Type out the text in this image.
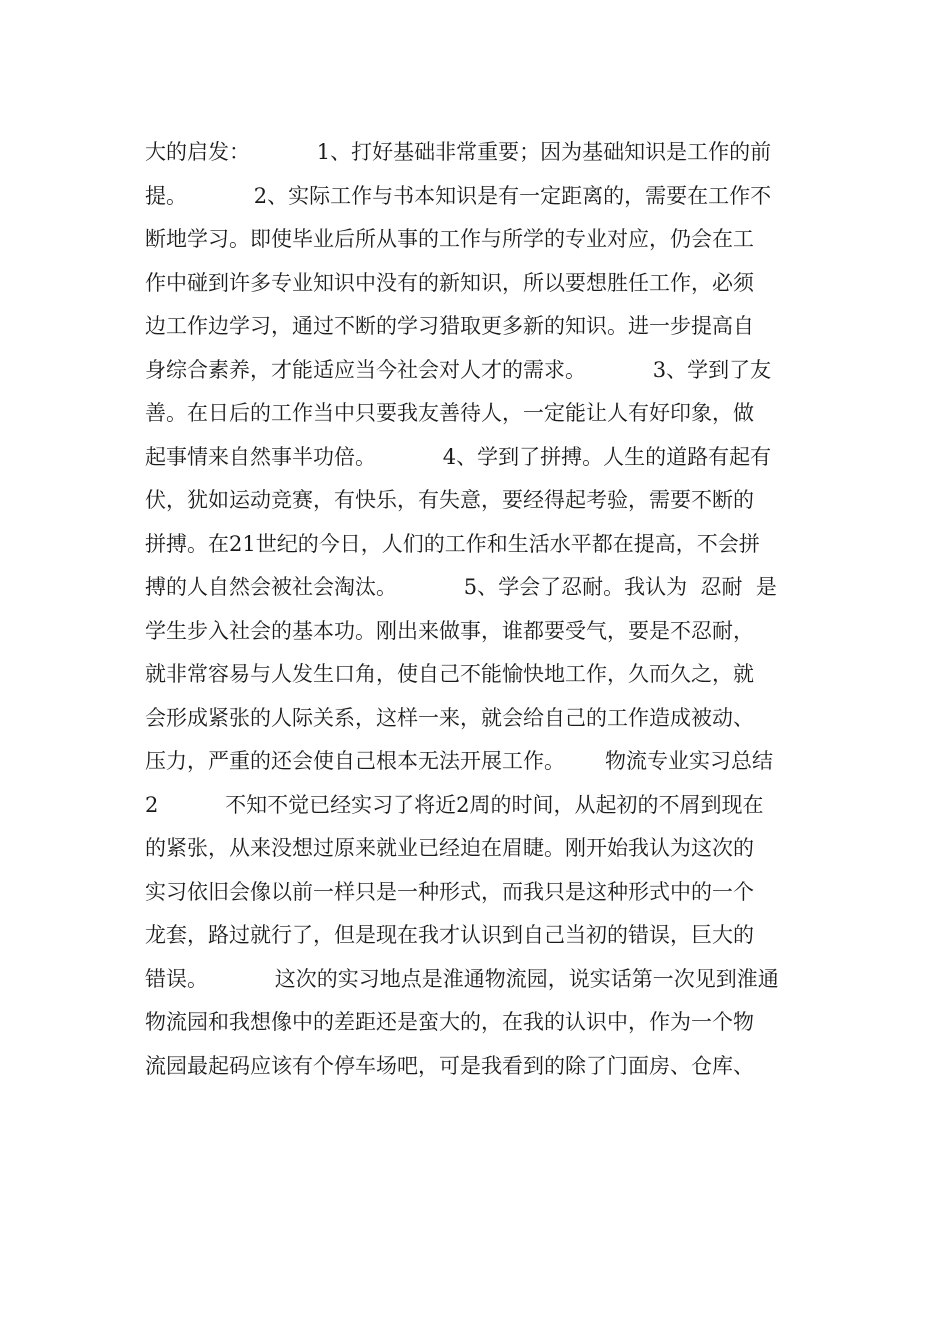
大的启发：          1、打好基础非常重要；因为基础知识是工作的前
提。          2、实际工作与书本知识是有一定距离的，需要在工作不
断地学习。即使毕业后所从事的工作与所学的专业对应，仍会在工
作中碰到许多专业知识中没有的新知识，所以要想胜任工作，必须
边工作边学习，通过不断的学习猎取更多新的知识。进一步提高自
身综合素养，才能适应当今社会对人才的需求。          3、学到了友
善。在日后的工作当中只要我友善待人，一定能让人有好印象，做
起事情来自然事半功倍。          4、学到了拼搏。人生的道路有起有
伏，犹如运动竞赛，有快乐，有失意，要经得起考验，需要不断的
拼搏。在21世纪的今日，人们的工作和生活水平都在提高，不会拼
搏的人自然会被社会淘汰。          5、学会了忍耐。我认为  忍耐  是
学生步入社会的基本功。刚出来做事，谁都要受气，要是不忍耐，
就非常容易与人发生口角，使自己不能愉快地工作，久而久之，就
会形成紧张的人际关系，这样一来，就会给自己的工作造成被动、
压力，严重的还会使自己根本无法开展工作。      物流专业实习总结
2          不知不觉已经实习了将近2周的时间，从起初的不屑到现在
的紧张，从来没想过原来就业已经迫在眉睫。刚开始我认为这次的
实习依旧会像以前一样只是一种形式，而我只是这种形式中的一个
龙套，路过就行了，但是现在我才认识到自己当初的错误，巨大的
错误。          这次的实习地点是淮通物流园，说实话第一次见到淮通
物流园和我想像中的差距还是蛮大的，在我的认识中，作为一个物
流园最起码应该有个停车场吧，可是我看到的除了门面房、仓库、
